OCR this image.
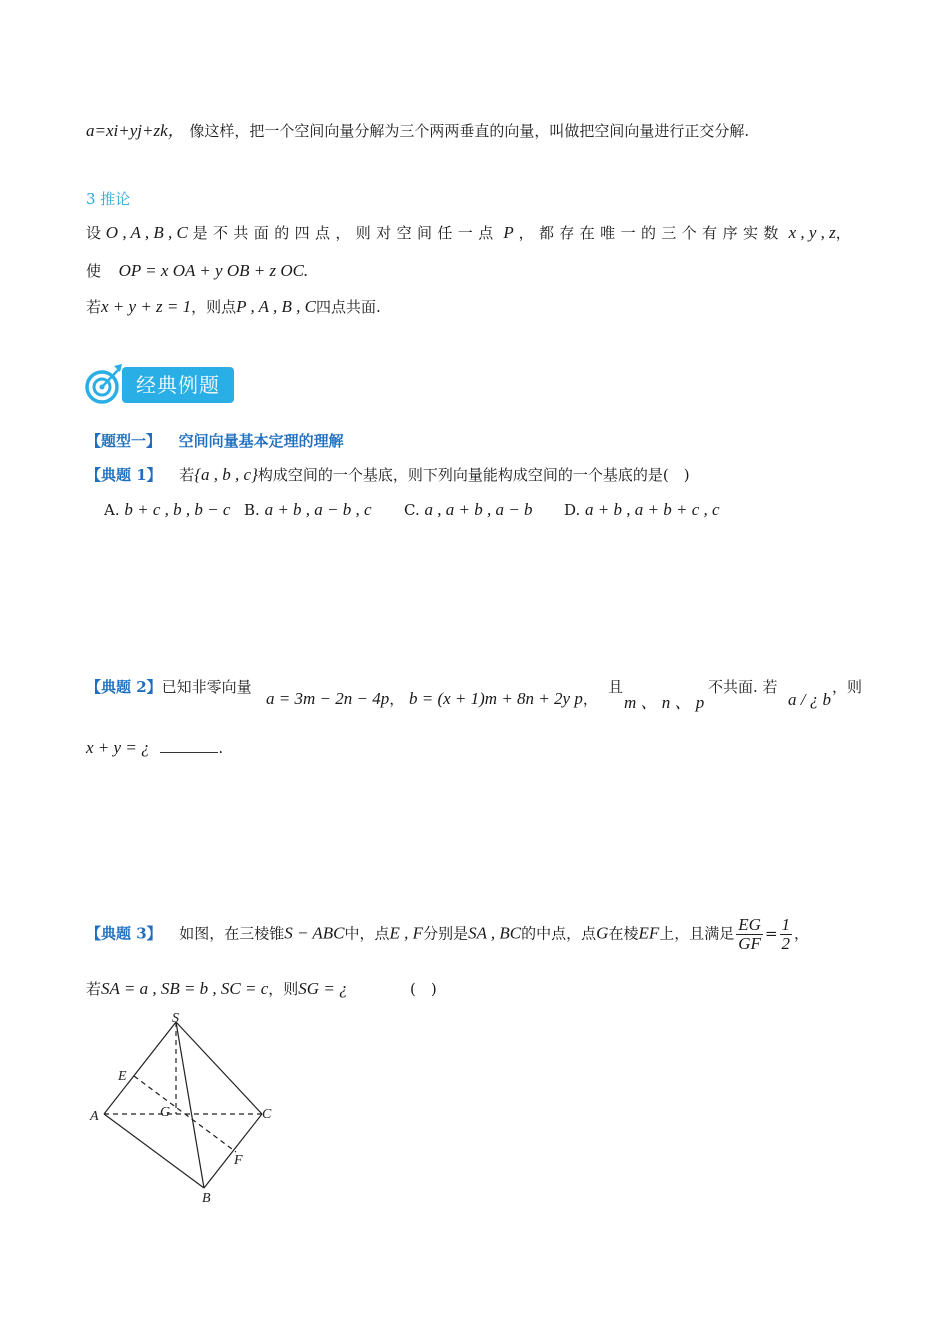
a=xi+yj+zk， 像这样，把一个空间向量分解为三个两两垂直的向量，叫做把空间向量进行正交分解.
3 推论
设 O , A , B , C 是不共面的四点，则对空间任一点 P ，都存在唯一的三个有序实数 x , y , z，
使 OP = x OA + y OB + z OC.
若x + y + z = 1，则点P , A , B , C四点共面.
经典例题
【题型一】 空间向量基本定理的理解
【典题 1】 若{a , b , c}构成空间的一个基底，则下列向量能构成空间的一个基底的是(　)
A. b + c , b , b − c B. a + b , a − b , c C. a , a + b , a − b D. a + b , a + b + c , c
【典题 2】已知非零向量
a = 3m − 2n − 4p， b = (x + 1)m + 8n + 2y p，
且
m 、 n 、 p
不共面. 若
a / ¿ b
，则
x + y = ¿	.
【典题 3】 如图，在三棱锥S − ABC中，点E , F分别是SA , BC的中点，点G在棱EF上，且满足 $\frac{EG}{GF} = \frac{1}{2}$ ，
若SA = a , SB = b , SC = c，则SG = ¿	(　)
S
E
A	G	C
F
B
